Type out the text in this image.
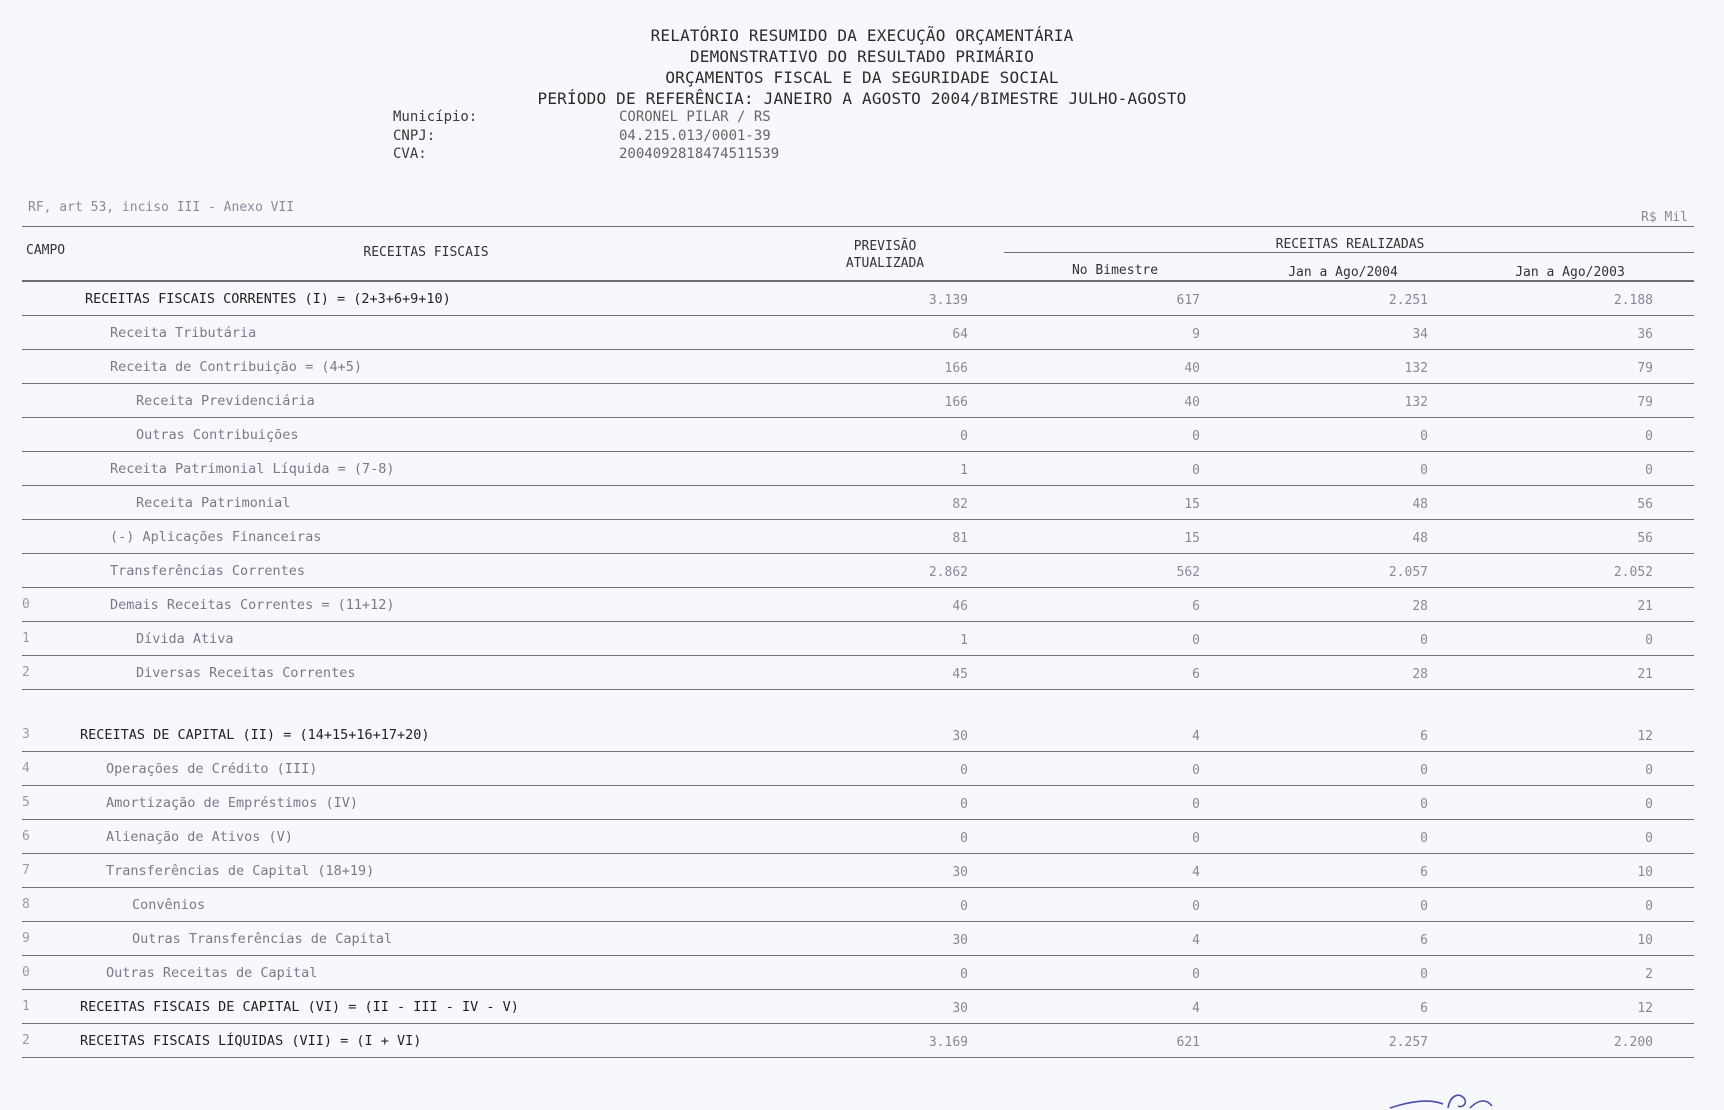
RELATÓRIO RESUMIDO DA EXECUÇÃO ORÇAMENTÁRIA
DEMONSTRATIVO DO RESULTADO PRIMÁRIO
ORÇAMENTOS FISCAL E DA SEGURIDADE SOCIAL
PERÍODO DE REFERÊNCIA: JANEIRO A AGOSTO 2004/BIMESTRE JULHO-AGOSTO
Município:	CORONEL PILAR / RS
CNPJ:	04.215.013/0001-39
CVA:	2004092818474511539
RF, art 53, inciso III - Anexo VII
R$ Mil
CAMPO	RECEITAS FISCAIS	PREVISÃO
ATUALIZADA
RECEITAS REALIZADAS
No Bimestre	Jan a Ago/2004	Jan a Ago/2003
RECEITAS FISCAIS CORRENTES (I) = (2+3+6+9+10)	3.139	617	2.251	2.188
Receita Tributária	64	9	34	36
Receita de Contribuição = (4+5)	166	40	132	79
Receita Previdenciária	166	40	132	79
Outras Contribuições	0	0	0	0
Receita Patrimonial Líquida = (7-8)	1	0	0	0
Receita Patrimonial	82	15	48	56
(-) Aplicações Financeiras	81	15	48	56
Transferências Correntes	2.862	562	2.057	2.052
0	Demais Receitas Correntes = (11+12)	46	6	28	21
1	Dívida Ativa	1	0	0	0
2	Diversas Receitas Correntes	45	6	28	21
3	RECEITAS DE CAPITAL (II) = (14+15+16+17+20)	30	4	6	12
4	Operações de Crédito (III)	0	0	0	0
5	Amortização de Empréstimos (IV)	0	0	0	0
6	Alienação de Ativos (V)	0	0	0	0
7	Transferências de Capital (18+19)	30	4	6	10
8	Convênios	0	0	0	0
9	Outras Transferências de Capital	30	4	6	10
0	Outras Receitas de Capital	0	0	0	2
1	RECEITAS FISCAIS DE CAPITAL (VI) = (II - III - IV - V)	30	4	6	12
2	RECEITAS FISCAIS LÍQUIDAS (VII) = (I + VI)	3.169	621	2.257	2.200
